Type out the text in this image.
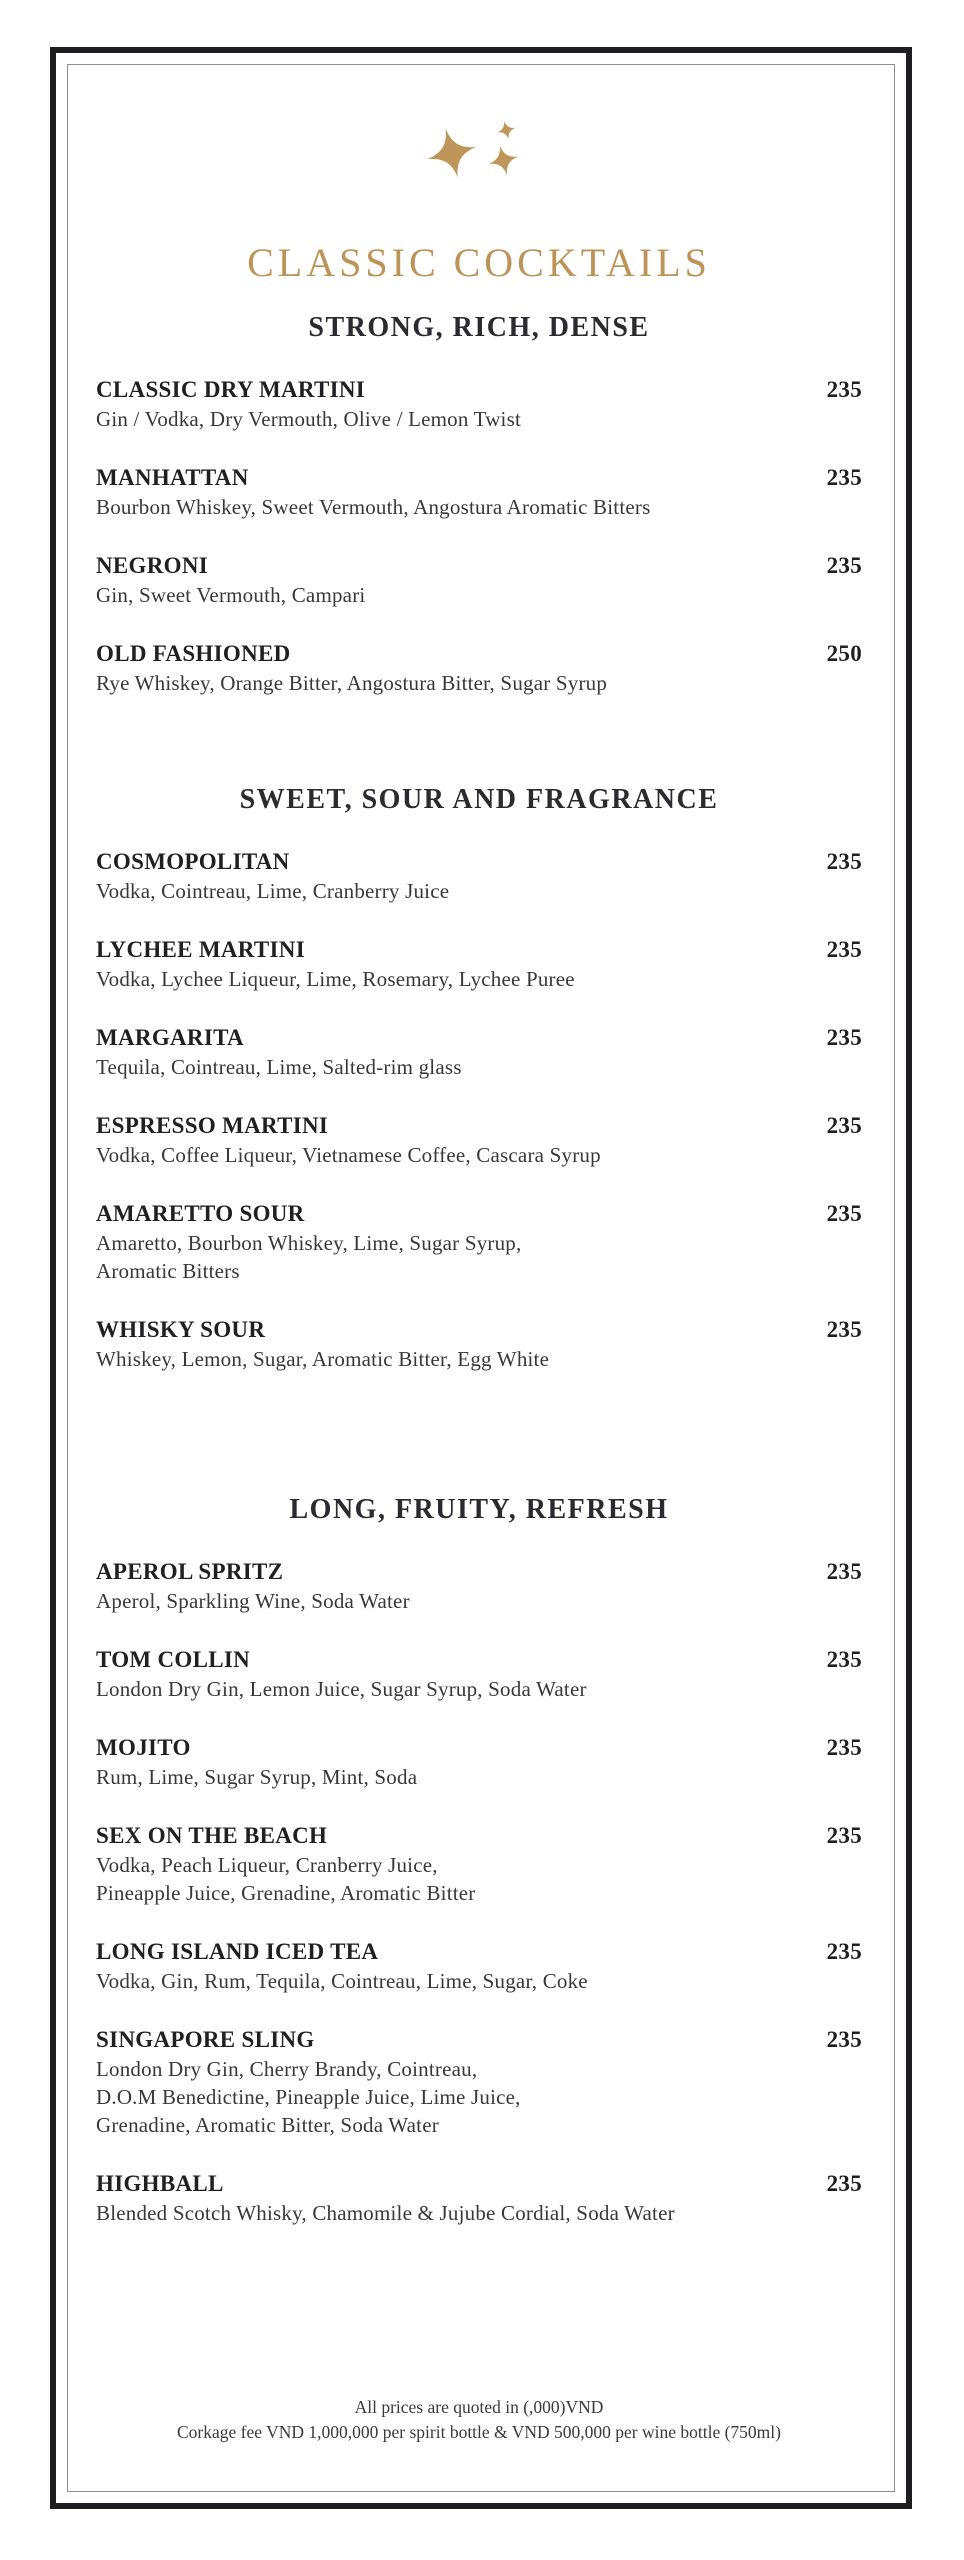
CLASSIC COCKTAILS
STRONG, RICH, DENSE
CLASSIC DRY MARTINI	235
Gin / Vodka, Dry Vermouth, Olive / Lemon Twist
MANHATTAN	235
Bourbon Whiskey, Sweet Vermouth, Angostura Aromatic Bitters
NEGRONI	235
Gin, Sweet Vermouth, Campari
OLD FASHIONED	250
Rye Whiskey, Orange Bitter, Angostura Bitter, Sugar Syrup
SWEET, SOUR AND FRAGRANCE
COSMOPOLITAN	235
Vodka, Cointreau, Lime, Cranberry Juice
LYCHEE MARTINI	235
Vodka, Lychee Liqueur, Lime, Rosemary, Lychee Puree
MARGARITA	235
Tequila, Cointreau, Lime, Salted-rim glass
ESPRESSO MARTINI	235
Vodka, Coffee Liqueur, Vietnamese Coffee, Cascara Syrup
AMARETTO SOUR	235
Amaretto, Bourbon Whiskey, Lime, Sugar Syrup,
Aromatic Bitters
WHISKY SOUR	235
Whiskey, Lemon, Sugar, Aromatic Bitter, Egg White
LONG, FRUITY, REFRESH
APEROL SPRITZ	235
Aperol, Sparkling Wine, Soda Water
TOM COLLIN	235
London Dry Gin, Lemon Juice, Sugar Syrup, Soda Water
MOJITO	235
Rum, Lime, Sugar Syrup, Mint, Soda
SEX ON THE BEACH	235
Vodka, Peach Liqueur, Cranberry Juice,
Pineapple Juice, Grenadine, Aromatic Bitter
LONG ISLAND ICED TEA	235
Vodka, Gin, Rum, Tequila, Cointreau, Lime, Sugar, Coke
SINGAPORE SLING	235
London Dry Gin, Cherry Brandy, Cointreau,
D.O.M Benedictine, Pineapple Juice, Lime Juice,
Grenadine, Aromatic Bitter, Soda Water
HIGHBALL	235
Blended Scotch Whisky, Chamomile & Jujube Cordial, Soda Water
All prices are quoted in (,000)VND
Corkage fee VND 1,000,000 per spirit bottle & VND 500,000 per wine bottle (750ml)
